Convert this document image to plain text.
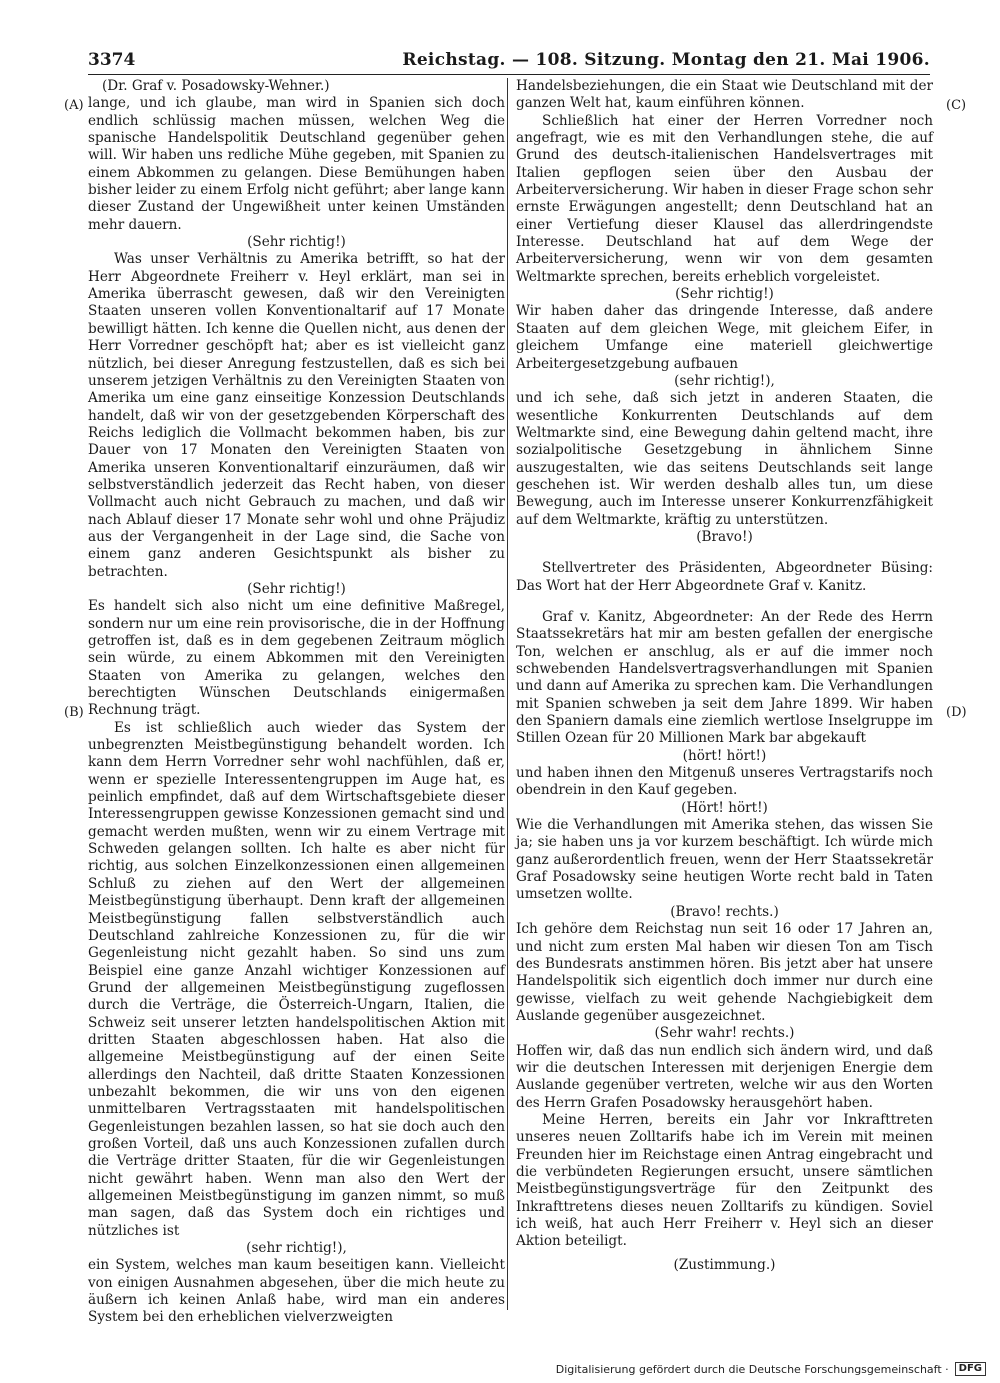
3374	Reichstag. — 108. Sitzung. Montag den 21. Mai 1906.
(A)
(B)
(C)
(D)

(Dr. Graf v. Posadowsky-Wehner.)

lange, und ich glaube, man wird in Spanien sich doch endlich schlüssig machen müssen, welchen Weg die spanische Handelspolitik Deutschland gegenüber gehen will. Wir haben uns redliche Mühe gegeben, mit Spanien zu einem Abkommen zu gelangen. Diese Bemühungen haben bisher leider zu einem Erfolg nicht geführt; aber lange kann dieser Zustand der Ungewißheit unter keinen Umständen mehr dauern.

(Sehr richtig!)

Was unser Verhältnis zu Amerika betrifft, so hat der Herr Abgeordnete Freiherr v. Heyl erklärt, man sei in Amerika überrascht gewesen, daß wir den Vereinigten Staaten unseren vollen Konventionaltarif auf 17 Monate bewilligt hätten. Ich kenne die Quellen nicht, aus denen der Herr Vorredner geschöpft hat; aber es ist vielleicht ganz nützlich, bei dieser Anregung festzustellen, daß es sich bei unserem jetzigen Verhältnis zu den Vereinigten Staaten von Amerika um eine ganz einseitige Konzession Deutschlands handelt, daß wir von der gesetzgebenden Körperschaft des Reichs lediglich die Vollmacht bekommen haben, bis zur Dauer von 17 Monaten den Vereinigten Staaten von Amerika unseren Konventionaltarif einzuräumen, daß wir selbstverständlich jederzeit das Recht haben, von dieser Vollmacht auch nicht Gebrauch zu machen, und daß wir nach Ablauf dieser 17 Monate sehr wohl und ohne Präjudiz aus der Vergangenheit in der Lage sind, die Sache von einem ganz anderen Gesichtspunkt als bisher zu betrachten.

(Sehr richtig!)

Es handelt sich also nicht um eine definitive Maßregel, sondern nur um eine rein provisorische, die in der Hoffnung getroffen ist, daß es in dem gegebenen Zeitraum möglich sein würde, zu einem Abkommen mit den Vereinigten Staaten von Amerika zu gelangen, welches den berechtigten Wünschen Deutschlands einigermaßen Rechnung trägt.

Es ist schließlich auch wieder das System der unbegrenzten Meistbegünstigung behandelt worden. Ich kann dem Herrn Vorredner sehr wohl nachfühlen, daß er, wenn er spezielle Interessentengruppen im Auge hat, es peinlich empfindet, daß auf dem Wirtschaftsgebiete dieser Interessengruppen gewisse Konzessionen gemacht sind und gemacht werden mußten, wenn wir zu einem Vertrage mit Schweden gelangen sollten. Ich halte es aber nicht für richtig, aus solchen Einzelkonzessionen einen allgemeinen Schluß zu ziehen auf den Wert der allgemeinen Meistbegünstigung überhaupt. Denn kraft der allgemeinen Meistbegünstigung fallen selbstverständlich auch Deutschland zahlreiche Konzessionen zu, für die wir Gegenleistung nicht gezahlt haben. So sind uns zum Beispiel eine ganze Anzahl wichtiger Konzessionen auf Grund der allgemeinen Meistbegünstigung zugeflossen durch die Verträge, die Österreich-Ungarn, Italien, die Schweiz seit unserer letzten handelspolitischen Aktion mit dritten Staaten abgeschlossen haben. Hat also die allgemeine Meistbegünstigung auf der einen Seite allerdings den Nachteil, daß dritte Staaten Konzessionen unbezahlt bekommen, die wir uns von den eigenen unmittelbaren Vertragsstaaten mit handelspolitischen Gegenleistungen bezahlen lassen, so hat sie doch auch den großen Vorteil, daß uns auch Konzessionen zufallen durch die Verträge dritter Staaten, für die wir Gegenleistungen nicht gewährt haben. Wenn man also den Wert der allgemeinen Meistbegünstigung im ganzen nimmt, so muß man sagen, daß das System doch ein richtiges und nützliches ist

(sehr richtig!),

ein System, welches man kaum beseitigen kann. Vielleicht von einigen Ausnahmen abgesehen, über die mich heute zu äußern ich keinen Anlaß habe, wird man ein anderes System bei den erheblichen vielverzweigten

Handelsbeziehungen, die ein Staat wie Deutschland mit der ganzen Welt hat, kaum einführen können.

Schließlich hat einer der Herren Vorredner noch angefragt, wie es mit den Verhandlungen stehe, die auf Grund des deutsch-italienischen Handelsvertrages mit Italien gepflogen seien über den Ausbau der Arbeiterversicherung. Wir haben in dieser Frage schon sehr ernste Erwägungen angestellt; denn Deutschland hat an einer Vertiefung dieser Klausel das allerdringendste Interesse. Deutschland hat auf dem Wege der Arbeiterversicherung, wenn wir von dem gesamten Weltmarkte sprechen, bereits erheblich vorgeleistet.

(Sehr richtig!)

Wir haben daher das dringende Interesse, daß andere Staaten auf dem gleichen Wege, mit gleichem Eifer, in gleichem Umfange eine materiell gleichwertige Arbeitergesetzgebung aufbauen

(sehr richtig!),

und ich sehe, daß sich jetzt in anderen Staaten, die wesentliche Konkurrenten Deutschlands auf dem Weltmarkte sind, eine Bewegung dahin geltend macht, ihre sozialpolitische Gesetzgebung in ähnlichem Sinne auszugestalten, wie das seitens Deutschlands seit lange geschehen ist. Wir werden deshalb alles tun, um diese Bewegung, auch im Interesse unserer Konkurrenzfähigkeit auf dem Weltmarkte, kräftig zu unterstützen.

(Bravo!)

Stellvertreter des Präsidenten, Abgeordneter Büsing: Das Wort hat der Herr Abgeordnete Graf v. Kanitz.

Graf v. Kanitz, Abgeordneter: An der Rede des Herrn Staatssekretärs hat mir am besten gefallen der energische Ton, welchen er anschlug, als er auf die immer noch schwebenden Handelsvertragsverhandlungen mit Spanien und dann auf Amerika zu sprechen kam. Die Verhandlungen mit Spanien schweben ja seit dem Jahre 1899. Wir haben den Spaniern damals eine ziemlich wertlose Inselgruppe im Stillen Ozean für 20 Millionen Mark bar abgekauft

(hört! hört!)

und haben ihnen den Mitgenuß unseres Vertragstarifs noch obendrein in den Kauf gegeben.

(Hört! hört!)

Wie die Verhandlungen mit Amerika stehen, das wissen Sie ja; sie haben uns ja vor kurzem beschäftigt. Ich würde mich ganz außerordentlich freuen, wenn der Herr Staatssekretär Graf Posadowsky seine heutigen Worte recht bald in Taten umsetzen wollte.

(Bravo! rechts.)

Ich gehöre dem Reichstag nun seit 16 oder 17 Jahren an, und nicht zum ersten Mal haben wir diesen Ton am Tisch des Bundesrats anstimmen hören. Bis jetzt aber hat unsere Handelspolitik sich eigentlich doch immer nur durch eine gewisse, vielfach zu weit gehende Nachgiebigkeit dem Auslande gegenüber ausgezeichnet.

(Sehr wahr! rechts.)

Hoffen wir, daß das nun endlich sich ändern wird, und daß wir die deutschen Interessen mit derjenigen Energie dem Auslande gegenüber vertreten, welche wir aus den Worten des Herrn Grafen Posadowsky herausgehört haben.

Meine Herren, bereits ein Jahr vor Inkrafttreten unseres neuen Zolltarifs habe ich im Verein mit meinen Freunden hier im Reichstage einen Antrag eingebracht und die verbündeten Regierungen ersucht, unsere sämtlichen Meistbegünstigungsverträge für den Zeitpunkt des Inkrafttretens dieses neuen Zolltarifs zu kündigen. Soviel ich weiß, hat auch Herr Freiherr v. Heyl sich an dieser Aktion beteiligt.

(Zustimmung.)

Digitalisierung gefördert durch die Deutsche Forschungsgemeinschaft ·	DFG
